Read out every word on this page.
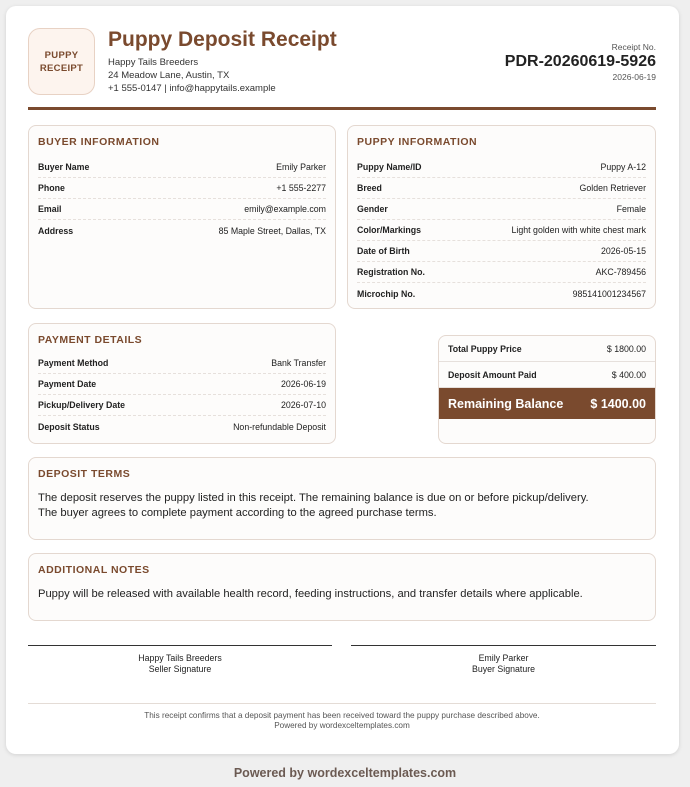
PUPPY
RECEIPT
Puppy Deposit Receipt
Happy Tails Breeders
24 Meadow Lane, Austin, TX
+1 555-0147 | info@happytails.example
Receipt No.
PDR-20260619-5926
2026-06-19
BUYER INFORMATION
Buyer Name	Emily Parker
Phone	+1 555-2277
Email	emily@example.com
Address	85 Maple Street, Dallas, TX
PUPPY INFORMATION
Puppy Name/ID	Puppy A-12
Breed	Golden Retriever
Gender	Female
Color/Markings	Light golden with white chest mark
Date of Birth	2026-05-15
Registration No.	AKC-789456
Microchip No.	985141001234567
PAYMENT DETAILS
Payment Method	Bank Transfer
Payment Date	2026-06-19
Pickup/Delivery Date	2026-07-10
Deposit Status	Non-refundable Deposit
Total Puppy Price	$ 1800.00
Deposit Amount Paid	$ 400.00
Remaining Balance $ 1400.00
DEPOSIT TERMS
The deposit reserves the puppy listed in this receipt. The remaining balance is due on or before pickup/delivery.
The buyer agrees to complete payment according to the agreed purchase terms.
ADDITIONAL NOTES
Puppy will be released with available health record, feeding instructions, and transfer details where applicable.
Happy Tails Breeders
Seller Signature
Emily Parker
Buyer Signature
This receipt confirms that a deposit payment has been received toward the puppy purchase described above.
Powered by wordexceltemplates.com
Powered by wordexceltemplates.com
